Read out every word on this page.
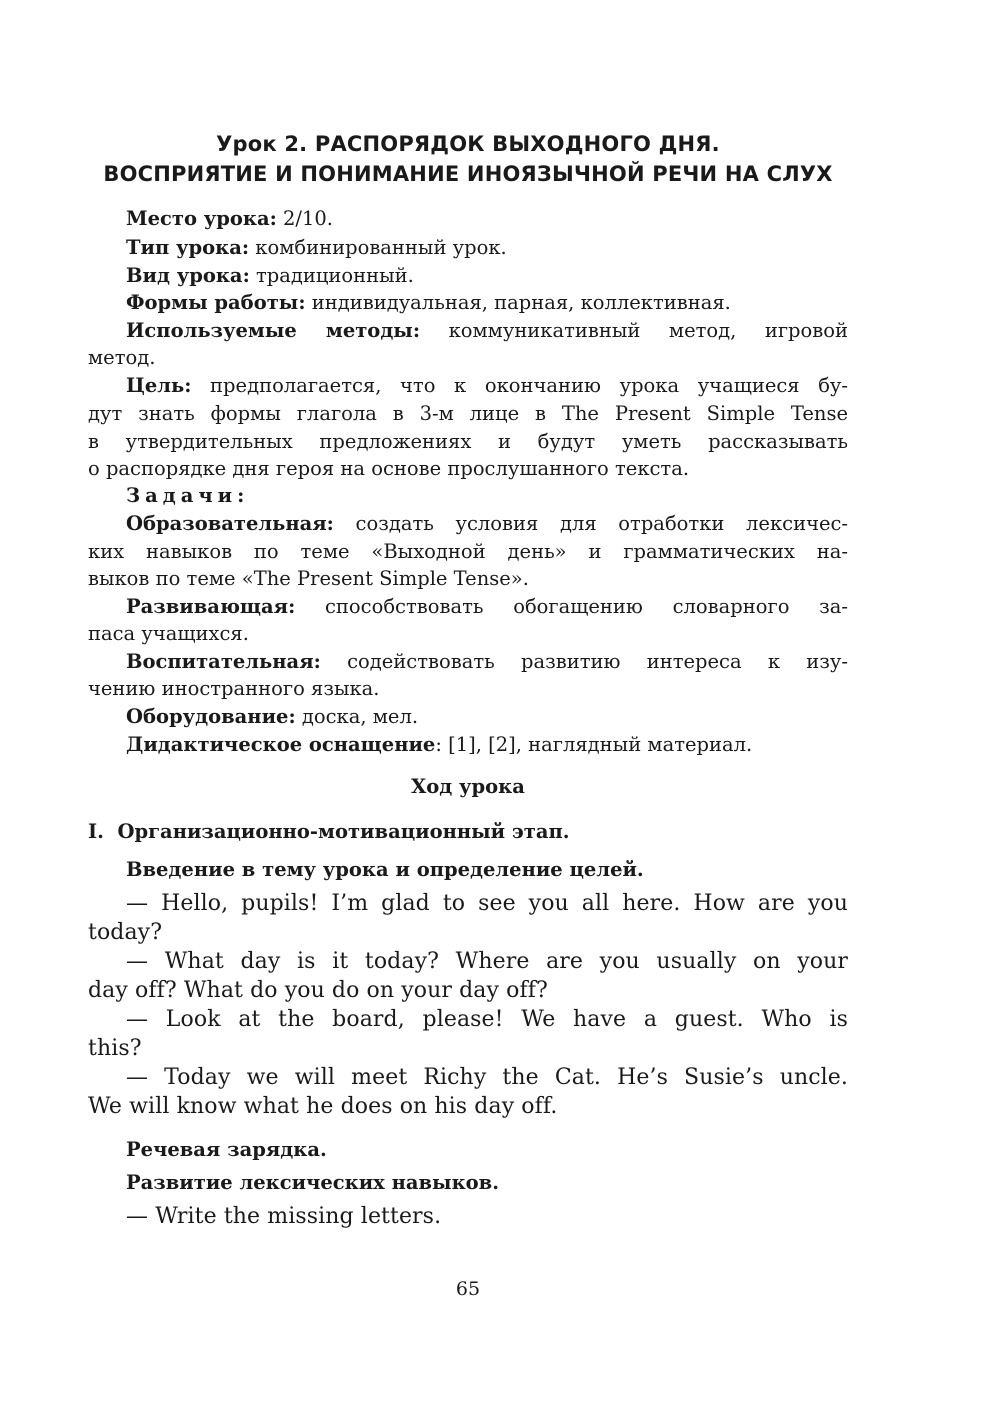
Урок 2. РАСПОРЯДОК ВЫХОДНОГО ДНЯ.
ВОСПРИЯТИЕ И ПОНИМАНИЕ ИНОЯЗЫЧНОЙ РЕЧИ НА СЛУХ
Место урока: 2/10.
Тип урока: комбинированный урок.
Вид урока: традиционный.
Формы работы: индивидуальная, парная, коллективная.
Используемые методы: коммуникативный метод, игровой
метод.
Цель: предполагается, что к окончанию урока учащиеся бу-
дут знать формы глагола в 3-м лице в The Present Simple Tense
в утвердительных предложениях и будут уметь рассказывать
о распорядке дня героя на основе прослушанного текста.
Задачи:
Образовательная: создать условия для отработки лексичес-
ких навыков по теме «Выходной день» и грамматических на-
выков по теме «The Present Simple Tense».
Развивающая: способствовать обогащению словарного за-
паса учащихся.
Воспитательная: содействовать развитию интереса к изу-
чению иностранного языка.
Оборудование: доска, мел.
Дидактическое оснащение: [1], [2], наглядный материал.
Ход урока
I.  Организационно-мотивационный этап.
Введение в тему урока и определение целей.
— Hello, pupils! I’m glad to see you all here. How are you
today?
— What day is it today? Where are you usually on your
day off? What do you do on your day off?
— Look at the board, please! We have a guest. Who is
this?
— Today we will meet Richy the Cat. He’s Susie’s uncle.
We will know what he does on his day off.
Речевая зарядка.
Развитие лексических навыков.
— Write the missing letters.
65
